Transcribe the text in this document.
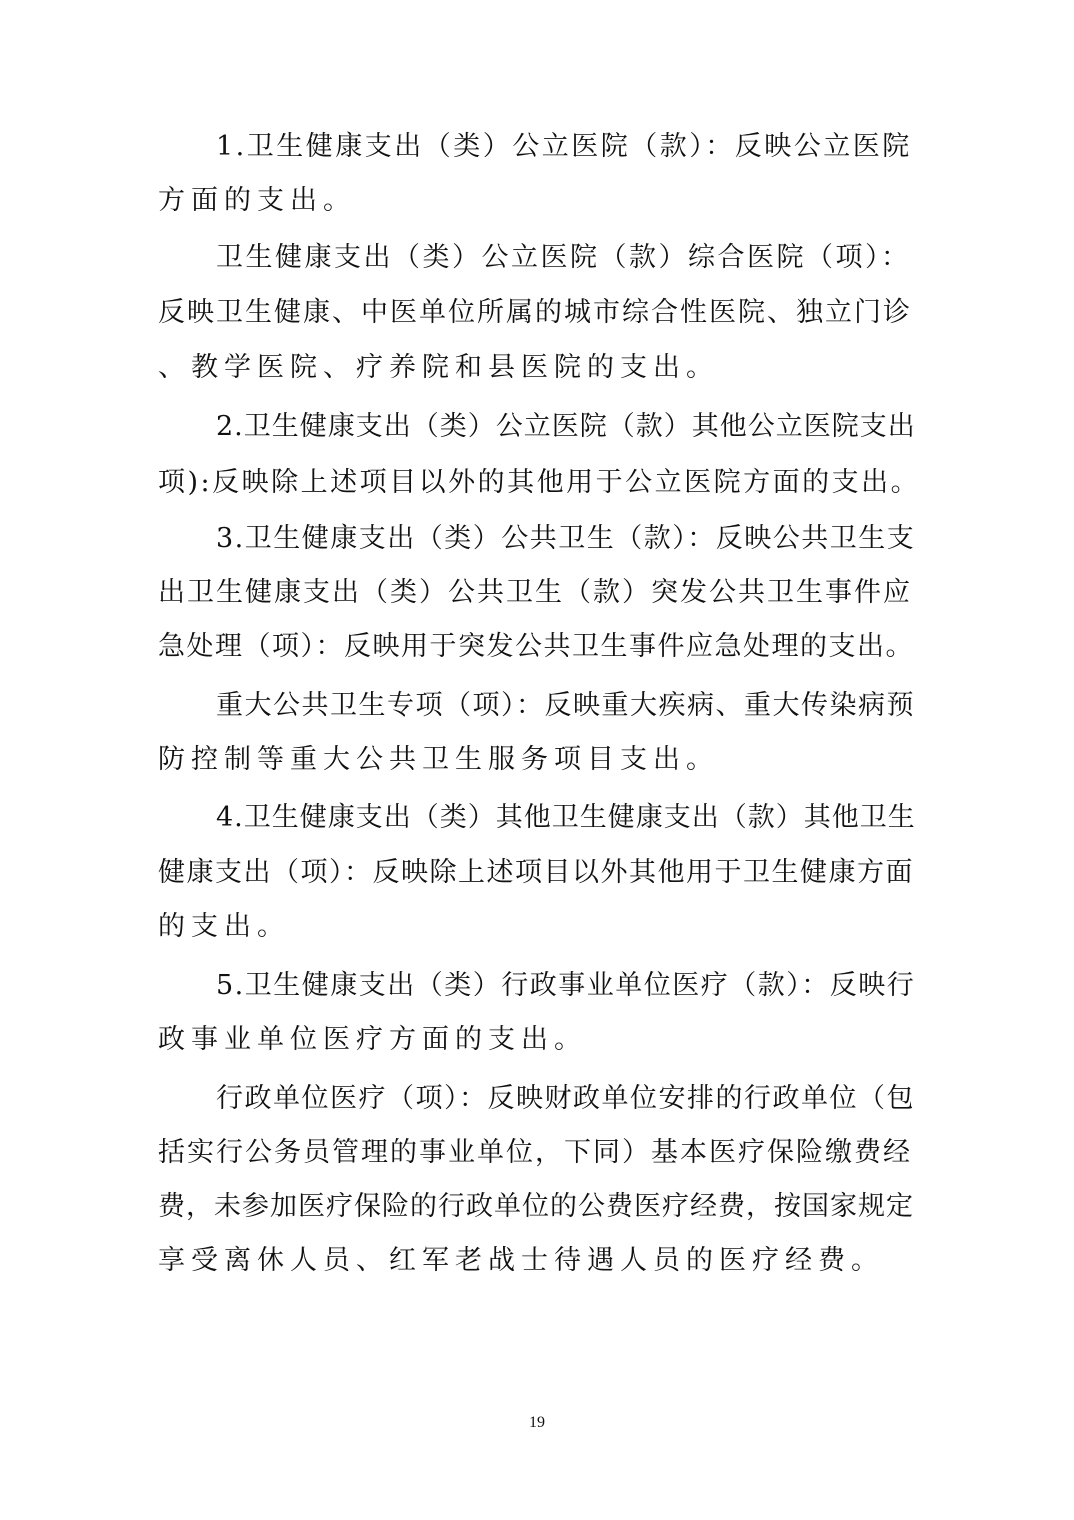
1.卫生健康支出（类）公立医院（款）：反映公立医院
方面的支出。
卫生健康支出（类）公立医院（款）综合医院（项）：
反映卫生健康、中医单位所属的城市综合性医院、独立门诊
、教学医院、疗养院和县医院的支出。
2.卫生健康支出（类）公立医院（款）其他公立医院支出
项):反映除上述项目以外的其他用于公立医院方面的支出。
3.卫生健康支出（类）公共卫生（款）：反映公共卫生支
出卫生健康支出（类）公共卫生（款）突发公共卫生事件应
急处理（项）：反映用于突发公共卫生事件应急处理的支出。
重大公共卫生专项（项）：反映重大疾病、重大传染病预
防控制等重大公共卫生服务项目支出。
4.卫生健康支出（类）其他卫生健康支出（款）其他卫生
健康支出（项）：反映除上述项目以外其他用于卫生健康方面
的支出。
5.卫生健康支出（类）行政事业单位医疗（款）：反映行
政事业单位医疗方面的支出。
行政单位医疗（项）：反映财政单位安排的行政单位（包
括实行公务员管理的事业单位，下同）基本医疗保险缴费经
费，未参加医疗保险的行政单位的公费医疗经费，按国家规定
享受离休人员、红军老战士待遇人员的医疗经费。
19
